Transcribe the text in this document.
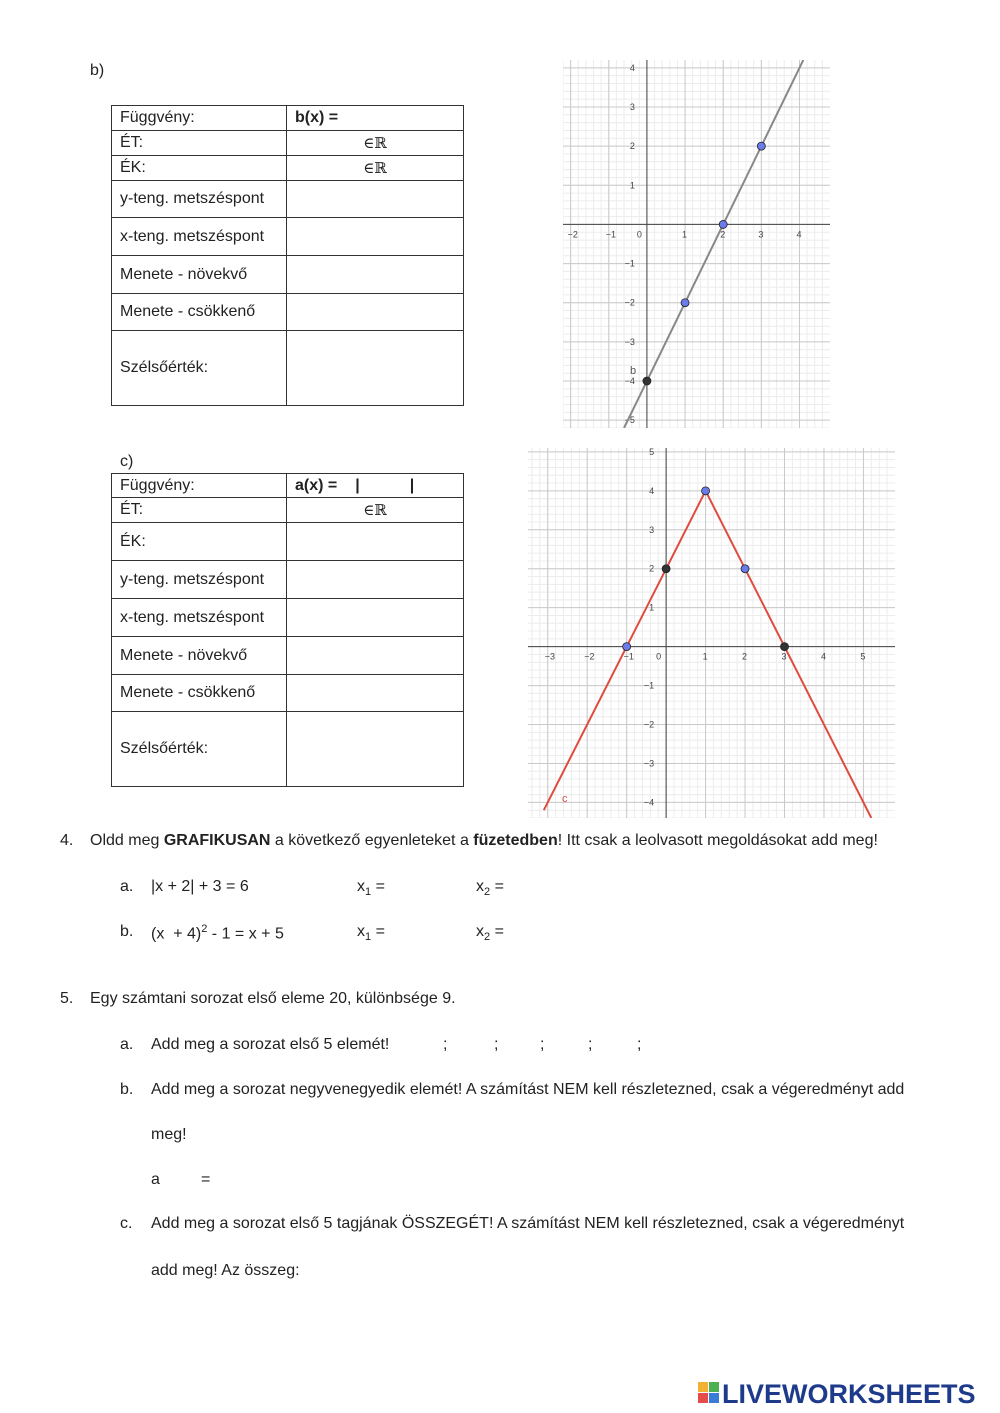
b)
Függvény:	b(x) =
ÉT:	∈ℝ
ÉK:	∈ℝ
y-teng. metszéspont	
x-teng. metszéspont	
Menete - növekvő	
Menete - csökkenő	
Szélsőérték:	
−2	−1 0	1	2	3	4
−5
−4
−3
−2
−1
1
2
3
4
b
c)
Függvény:	a(x) = | |
ÉT:	∈ℝ
ÉK:	
y-teng. metszéspont	
x-teng. metszéspont	
Menete - növekvő	
Menete - csökkenő	
Szélsőérték:	
−3	−2	−1 0	1	2	3	4	5
−4
−3
−2
−1
1
2
3
4
5
c
4. Oldd meg GRAFIKUSAN a következő egyenleteket a füzetedben! Itt csak a leolvasott megoldásokat add meg!
a. |x + 2| + 3 = 6	$x_1$ =	$x_2$ =
b. $(x + 4)^2 - 1 = x + 5$	$x_1$ =	$x_2$ =
5. Egy számtani sorozat első eleme 20, különbsége 9.
a. Add meg a sorozat első 5 elemét!	;	;	;	;	;
b. Add meg a sorozat negyvenegyedik elemét! A számítást NEM kell részletezned, csak a végeredményt add
meg!
a	=
c. Add meg a sorozat első 5 tagjának ÖSSZEGÉT! A számítást NEM kell részletezned, csak a végeredményt
add meg! Az összeg:
LIVEWORKSHEETS
